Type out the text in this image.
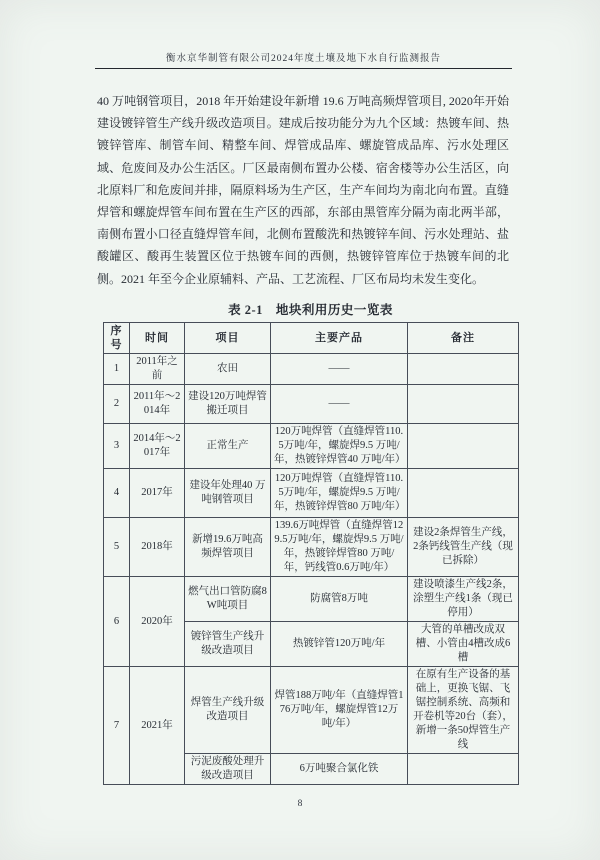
衡水京华制管有限公司2024年度土壤及地下水自行监测报告
40 万吨钢管项目，2018 年开始建设年新增 19.6 万吨高频焊管项目, 2020年开始建设镀锌管生产线升级改造项目。建成后按功能分为九个区域：热镀车间、热镀锌管库、制管车间、精整车间、焊管成品库、螺旋管成品库、污水处理区域、危废间及办公生活区。厂区最南侧布置办公楼、宿舍楼等办公生活区，向北原料厂和危废间并排，隔原料场为生产区，生产车间均为南北向布置。直缝焊管和螺旋焊管车间布置在生产区的西部，东部由黑管库分隔为南北两半部，南侧布置小口径直缝焊管车间，北侧布置酸洗和热镀锌车间、污水处理站、盐酸罐区、酸再生装置区位于热镀车间的西侧，热镀锌管库位于热镀车间的北侧。2021 年至今企业原辅料、产品、工艺流程、厂区布局均未发生变化。
表 2-1　地块利用历史一览表
序号	时间	项目	主要产品	备注
1	2011年之前	农田	——	
2	2011年～2014年	建设120万吨焊管搬迁项目	——	
3	2014年～2017年	正常生产	120万吨焊管（直缝焊管110.5万吨/年，螺旋焊9.5 万吨/年，热镀锌焊管40 万吨/年）	
4	2017年	建设年处理40 万吨钢管项目	120万吨焊管（直缝焊管110.5万吨/年，螺旋焊9.5 万吨/年，热镀锌焊管80 万吨/年）	
5	2018年	新增19.6万吨高频焊管项目	139.6万吨焊管（直缝焊管129.5万吨/年，螺旋焊9.5 万吨/年，热镀锌焊管80 万吨/年，钙线管0.6万吨/年）	建设2条焊管生产线，2条钙线管生产线（现已拆除）
6	2020年	燃气出口管防腐8W吨项目	防腐管8万吨	建设喷漆生产线2条，涂塑生产线1条（现已停用）
		镀锌管生产线升级改造项目	热镀锌管120万吨/年	大管的单槽改成双槽、小管由4槽改成6槽
7	2021年	焊管生产线升级改造项目	焊管188万吨/年（直缝焊管176万吨/年，螺旋焊管12万吨/年）	在原有生产设备的基础上，更换飞锯、飞锯控制系统、高频和开卷机等20台（套），新增一条50焊管生产线
		污泥废酸处理升级改造项目	6万吨聚合氯化铁	
8
